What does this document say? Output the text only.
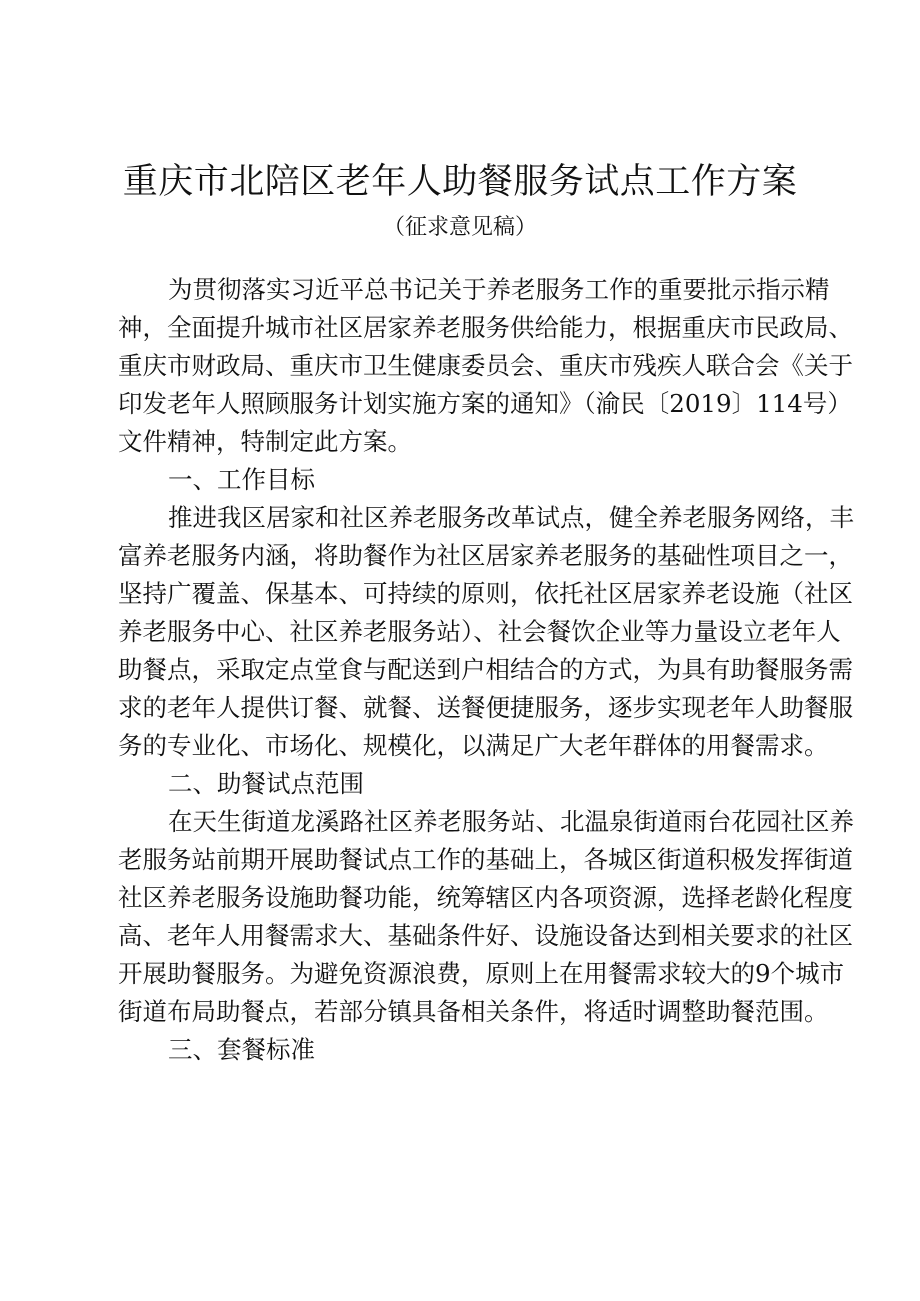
重庆市北陪区老年人助餐服务试点工作方案
（征求意见稿）
为贯彻落实习近平总书记关于养老服务工作的重要批示指示精
神，全面提升城市社区居家养老服务供给能力，根据重庆市民政局、
重庆市财政局、重庆市卫生健康委员会、重庆市残疾人联合会《关于
印发老年人照顾服务计划实施方案的通知》（渝民〔2019〕114号）
文件精神，特制定此方案。
一、工作目标
推进我区居家和社区养老服务改革试点，健全养老服务网络，丰
富养老服务内涵，将助餐作为社区居家养老服务的基础性项目之一，
坚持广覆盖、保基本、可持续的原则，依托社区居家养老设施（社区
养老服务中心、社区养老服务站）、社会餐饮企业等力量设立老年人
助餐点，采取定点堂食与配送到户相结合的方式，为具有助餐服务需
求的老年人提供订餐、就餐、送餐便捷服务，逐步实现老年人助餐服
务的专业化、市场化、规模化，以满足广大老年群体的用餐需求。
二、助餐试点范围
在天生街道龙溪路社区养老服务站、北温泉街道雨台花园社区养
老服务站前期开展助餐试点工作的基础上，各城区街道积极发挥街道
社区养老服务设施助餐功能，统筹辖区内各项资源，选择老龄化程度
高、老年人用餐需求大、基础条件好、设施设备达到相关要求的社区
开展助餐服务。为避免资源浪费，原则上在用餐需求较大的9个城市
街道布局助餐点，若部分镇具备相关条件，将适时调整助餐范围。
三、套餐标准
